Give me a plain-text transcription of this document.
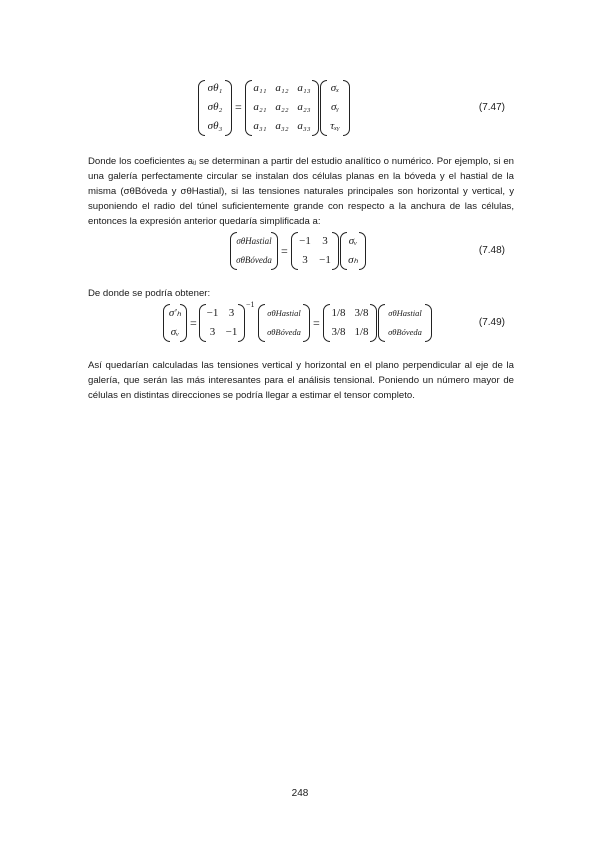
σθ₁
σθ₂
σθ₃
=
a₁₁ a₁₂ a₁₃
a₂₁ a₂₂ a₂₃
a₃₁ a₃₂ a₃₃
σₓ
σᵧ
τₓᵧ
(7.47)

Donde los coeficientes aᵢⱼ se determinan a partir del estudio analítico o numérico. Por ejemplo, si en una galería perfectamente circular se instalan dos células planas en la bóveda y el hastial de la misma (σθBóveda y σθHastial), si las tensiones naturales principales son horizontal y vertical, y suponiendo el radio del túnel suficientemente grande con respecto a la anchura de las células, entonces la expresión anterior quedaría simplificada a:

σθHastial
σθBóveda
=
−1	3
3	−1
σᵥ
σₕ
(7.48)

De donde se podría obtener:

σ'ₕ
σᵥ
=
−1 3
3 −1
−1
σθHastial
σθBóveda
=
1/8 3/8
3/8 1/8
σθHastial
σθBóveda
(7.49)

Así quedarían calculadas las tensiones vertical y horizontal en el plano perpendicular al eje de la galería, que serán las más interesantes para el análisis tensional. Poniendo un número mayor de células en distintas direcciones se podría llegar a estimar el tensor completo.

248
